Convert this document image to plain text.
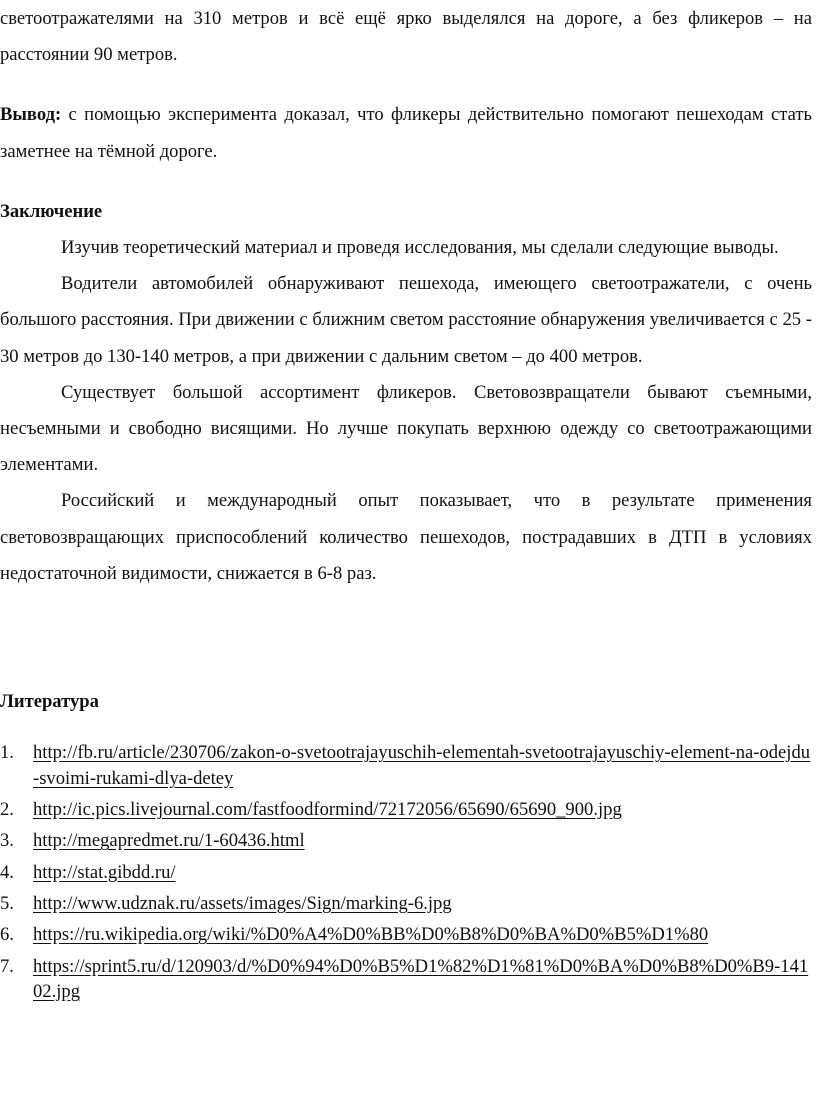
светоотражателями на 310 метров и всё ещё ярко выделялся на дороге, а без фликеров – на расстоянии 90 метров.

Вывод: с помощью эксперимента доказал, что фликеры действительно помогают пешеходам стать заметнее на тёмной дороге.

Заключение

Изучив теоретический материал и проведя исследования, мы сделали следующие выводы.

Водители автомобилей обнаруживают пешехода, имеющего светоотражатели, с очень большого расстояния. При движении с ближним светом расстояние обнаружения увеличивается с 25 - 30 метров до 130-140 метров, а при движении с дальним светом – до 400 метров.

Существует большой ассортимент фликеров. Световозвращатели бывают съемными, несъемными и свободно висящими. Но лучше покупать верхнюю одежду со светоотражающими элементами.

Российский и международный опыт показывает, что в результате применения световозвращающих приспособлений количество пешеходов, пострадавших в ДТП в условиях недостаточной видимости, снижается в 6-8 раз.

Литература

1. http://fb.ru/article/230706/zakon-o-svetootrajayuschih-elementah-svetootrajayuschiy-element-na-odejdu-svoimi-rukami-dlya-detey
2. http://ic.pics.livejournal.com/fastfoodformind/72172056/65690/65690_900.jpg
3. http://megapredmet.ru/1-60436.html
4. http://stat.gibdd.ru/
5. http://www.udznak.ru/assets/images/Sign/marking-6.jpg
6. https://ru.wikipedia.org/wiki/%D0%A4%D0%BB%D0%B8%D0%BA%D0%B5%D1%80
7. https://sprint5.ru/d/120903/d/%D0%94%D0%B5%D1%82%D1%81%D0%BA%D0%B8%D0%B9-14102.jpg
